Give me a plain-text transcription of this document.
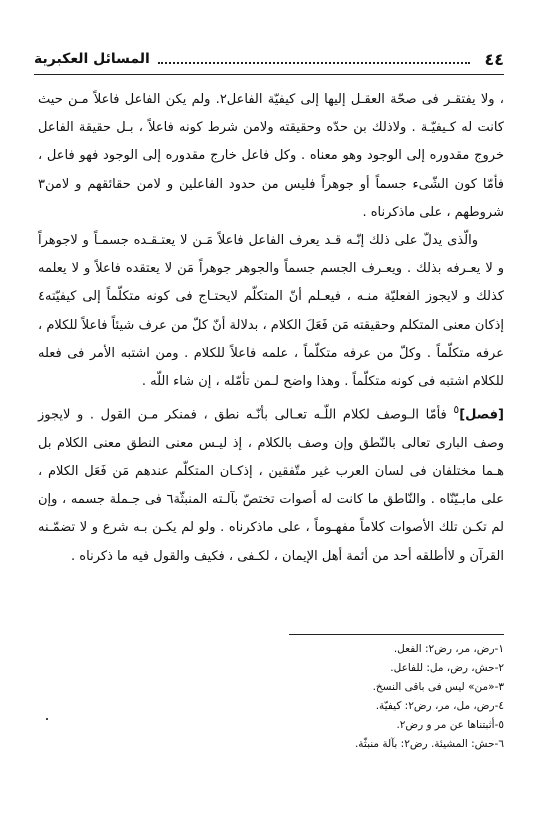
٤٤
المسائل العكبرية

، ولا يفتقـر فى صحّة العقـل إلیها إلى كيفيّة الفاعل٢. ولم يكن الفاعل فاعلاً مـن حيث كانت له كـيفيّـة . ولاذلك بن حدّه وحقيقته ولامن شرط كونه فاعلاً ، بـل حقيقة الفاعل خروج مقدوره إلى الوجود وهو معناه . وكل فاعل خارج مقدوره إلى الوجود فهو فاعل ، فأمّا كون الشّىء جسماً أو جوهراً فليس من حدود الفاعلين و لامن حقائقهم و لامن٣ شروطهم ، على ماذكرناه .

والّذى يدلّ على ذلك إنّـه قـد يعرف الفاعل فاعلاً مَـن لا يعتـقـده جسمـاً و لاجوهراً و لا يعـرفه بذلك . ويعـرف الجسم جسماً والجوهر جوهراً مَن لا يعتقده فاعلاً و لا يعلمه كذلك و لايجوز الفعليّة منـه ، فيعـلم أنّ المتكلّم لايحتـاج فى كونه متكلّماً إلى كيفيّته٤ إذكان معنى المتكلم وحقيقته مَن فَعَلَ الكلام ، بدلالة أنّ كلّ من عرف شيئاً فاعلاً للكلام ، عرفه متكلّماً . وكلّ من عرفه متكلّماً ، علمه فاعلاً للكلام . ومن اشتبه الأمر فى فعله للكلام اشتبه فى كونه متكلّماً . وهذا واضح لـمن تأمّله ، إن شاء اللّه .

[فصل]$^٥$ فأمّا الـوصف لكلام اللّـه تعـالى بأنّـه نطق ، فمنكر مـن القول . و لايجوز وصف البارى تعالى بالنّطق وإن وصف بالكلام ، إذ ليـس معنى النطق معنى الكلام بل هـما مختلفان فى لسان العرب غير متّفقين ، إذكـان المتكلّم عندهم مَن فَعَل الكلام ، على مابـيّنّاه . والنّاطق ما كانت له أصوات تختصّ بآلـته المنبثّة٦ فى جـملة جسمه ، وإن لم تكـن تلك الأصوات كلاماً مفهـوماً ، على ماذكرناه . ولو لم يكـن بـه شرع و لا تضمّـنه القرآن و لاأطلقه أحد من أئمة أهل الإيمان ، لكـفى ، فكيف والقول فيه ما ذكرناه .

١-رض، مر، رض٢: الفعل.
٢-حش، رض، مل: للفاعل.
٣-«من» ليس فى باقى النسخ.
٤-رض، مل، مر، رض٢: كيفيّة.
٥-أثبتناها عن مر و رض٢.
٦-حش: المشيئة. رض٢: بآلة منبثّة.
